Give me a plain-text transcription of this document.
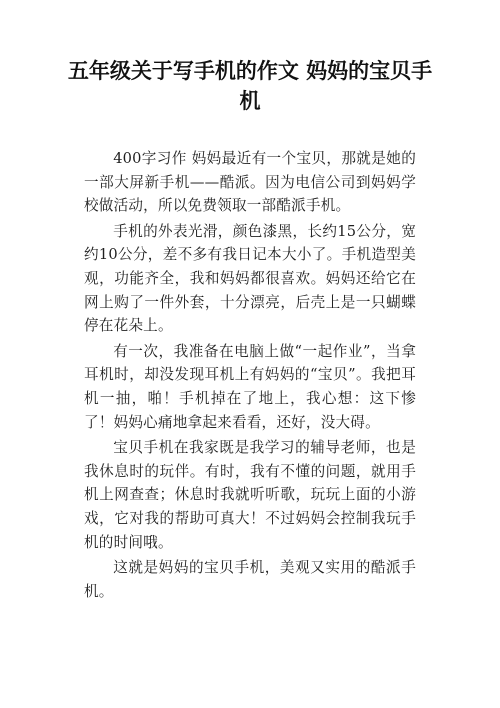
五年级关于写手机的作文 妈妈的宝贝手机

400字习作 妈妈最近有一个宝贝，那就是她的一部大屏新手机——酷派。因为电信公司到妈妈学校做活动，所以免费领取一部酷派手机。

手机的外表光滑，颜色漆黑，长约15公分，宽约10公分，差不多有我日记本大小了。手机造型美观，功能齐全，我和妈妈都很喜欢。妈妈还给它在网上购了一件外套，十分漂亮，后壳上是一只蝴蝶停在花朵上。

有一次，我准备在电脑上做“一起作业”，当拿耳机时，却没发现耳机上有妈妈的“宝贝”。我把耳机一抽，啪！手机掉在了地上，我心想：这下惨了！妈妈心痛地拿起来看看，还好，没大碍。

宝贝手机在我家既是我学习的辅导老师，也是我休息时的玩伴。有时，我有不懂的问题，就用手机上网查查；休息时我就听听歌，玩玩上面的小游戏，它对我的帮助可真大！不过妈妈会控制我玩手机的时间哦。

这就是妈妈的宝贝手机，美观又实用的酷派手机。
